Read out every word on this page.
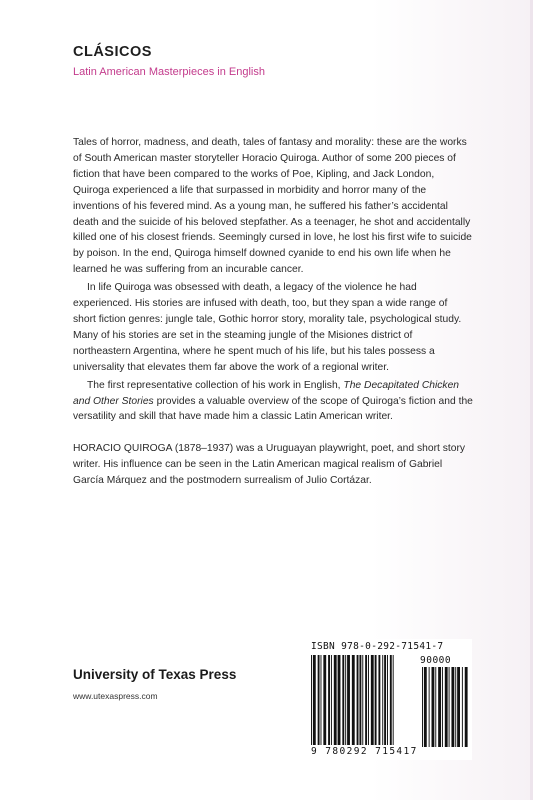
CLÁSICOS
Latin American Masterpieces in English

Tales of horror, madness, and death, tales of fantasy and morality: these are the works of South American master storyteller Horacio Quiroga. Author of some 200 pieces of fiction that have been compared to the works of Poe, Kipling, and Jack London, Quiroga experienced a life that surpassed in morbidity and horror many of the inventions of his fevered mind. As a young man, he suffered his father’s accidental death and the suicide of his beloved stepfather. As a teenager, he shot and accidentally killed one of his closest friends. Seemingly cursed in love, he lost his first wife to suicide by poison. In the end, Quiroga himself downed cyanide to end his own life when he learned he was suffering from an incurable cancer.

In life Quiroga was obsessed with death, a legacy of the violence he had experienced. His stories are infused with death, too, but they span a wide range of short fiction genres: jungle tale, Gothic horror story, morality tale, psychological study. Many of his stories are set in the steaming jungle of the Misiones district of northeastern Argentina, where he spent much of his life, but his tales possess a universality that elevates them far above the work of a regional writer.

The first representative collection of his work in English, The Decapitated Chicken and Other Stories provides a valuable overview of the scope of Quiroga’s fiction and the versatility and skill that have made him a classic Latin American writer.

HORACIO QUIROGA (1878–1937) was a Uruguayan playwright, poet, and short story writer. His influence can be seen in the Latin American magical realism of Gabriel García Márquez and the postmodern surrealism of Julio Cortázar.

University of Texas Press
www.utexaspress.com
ISBN 978-0-292-71541-7
90000
9 780292 715417
